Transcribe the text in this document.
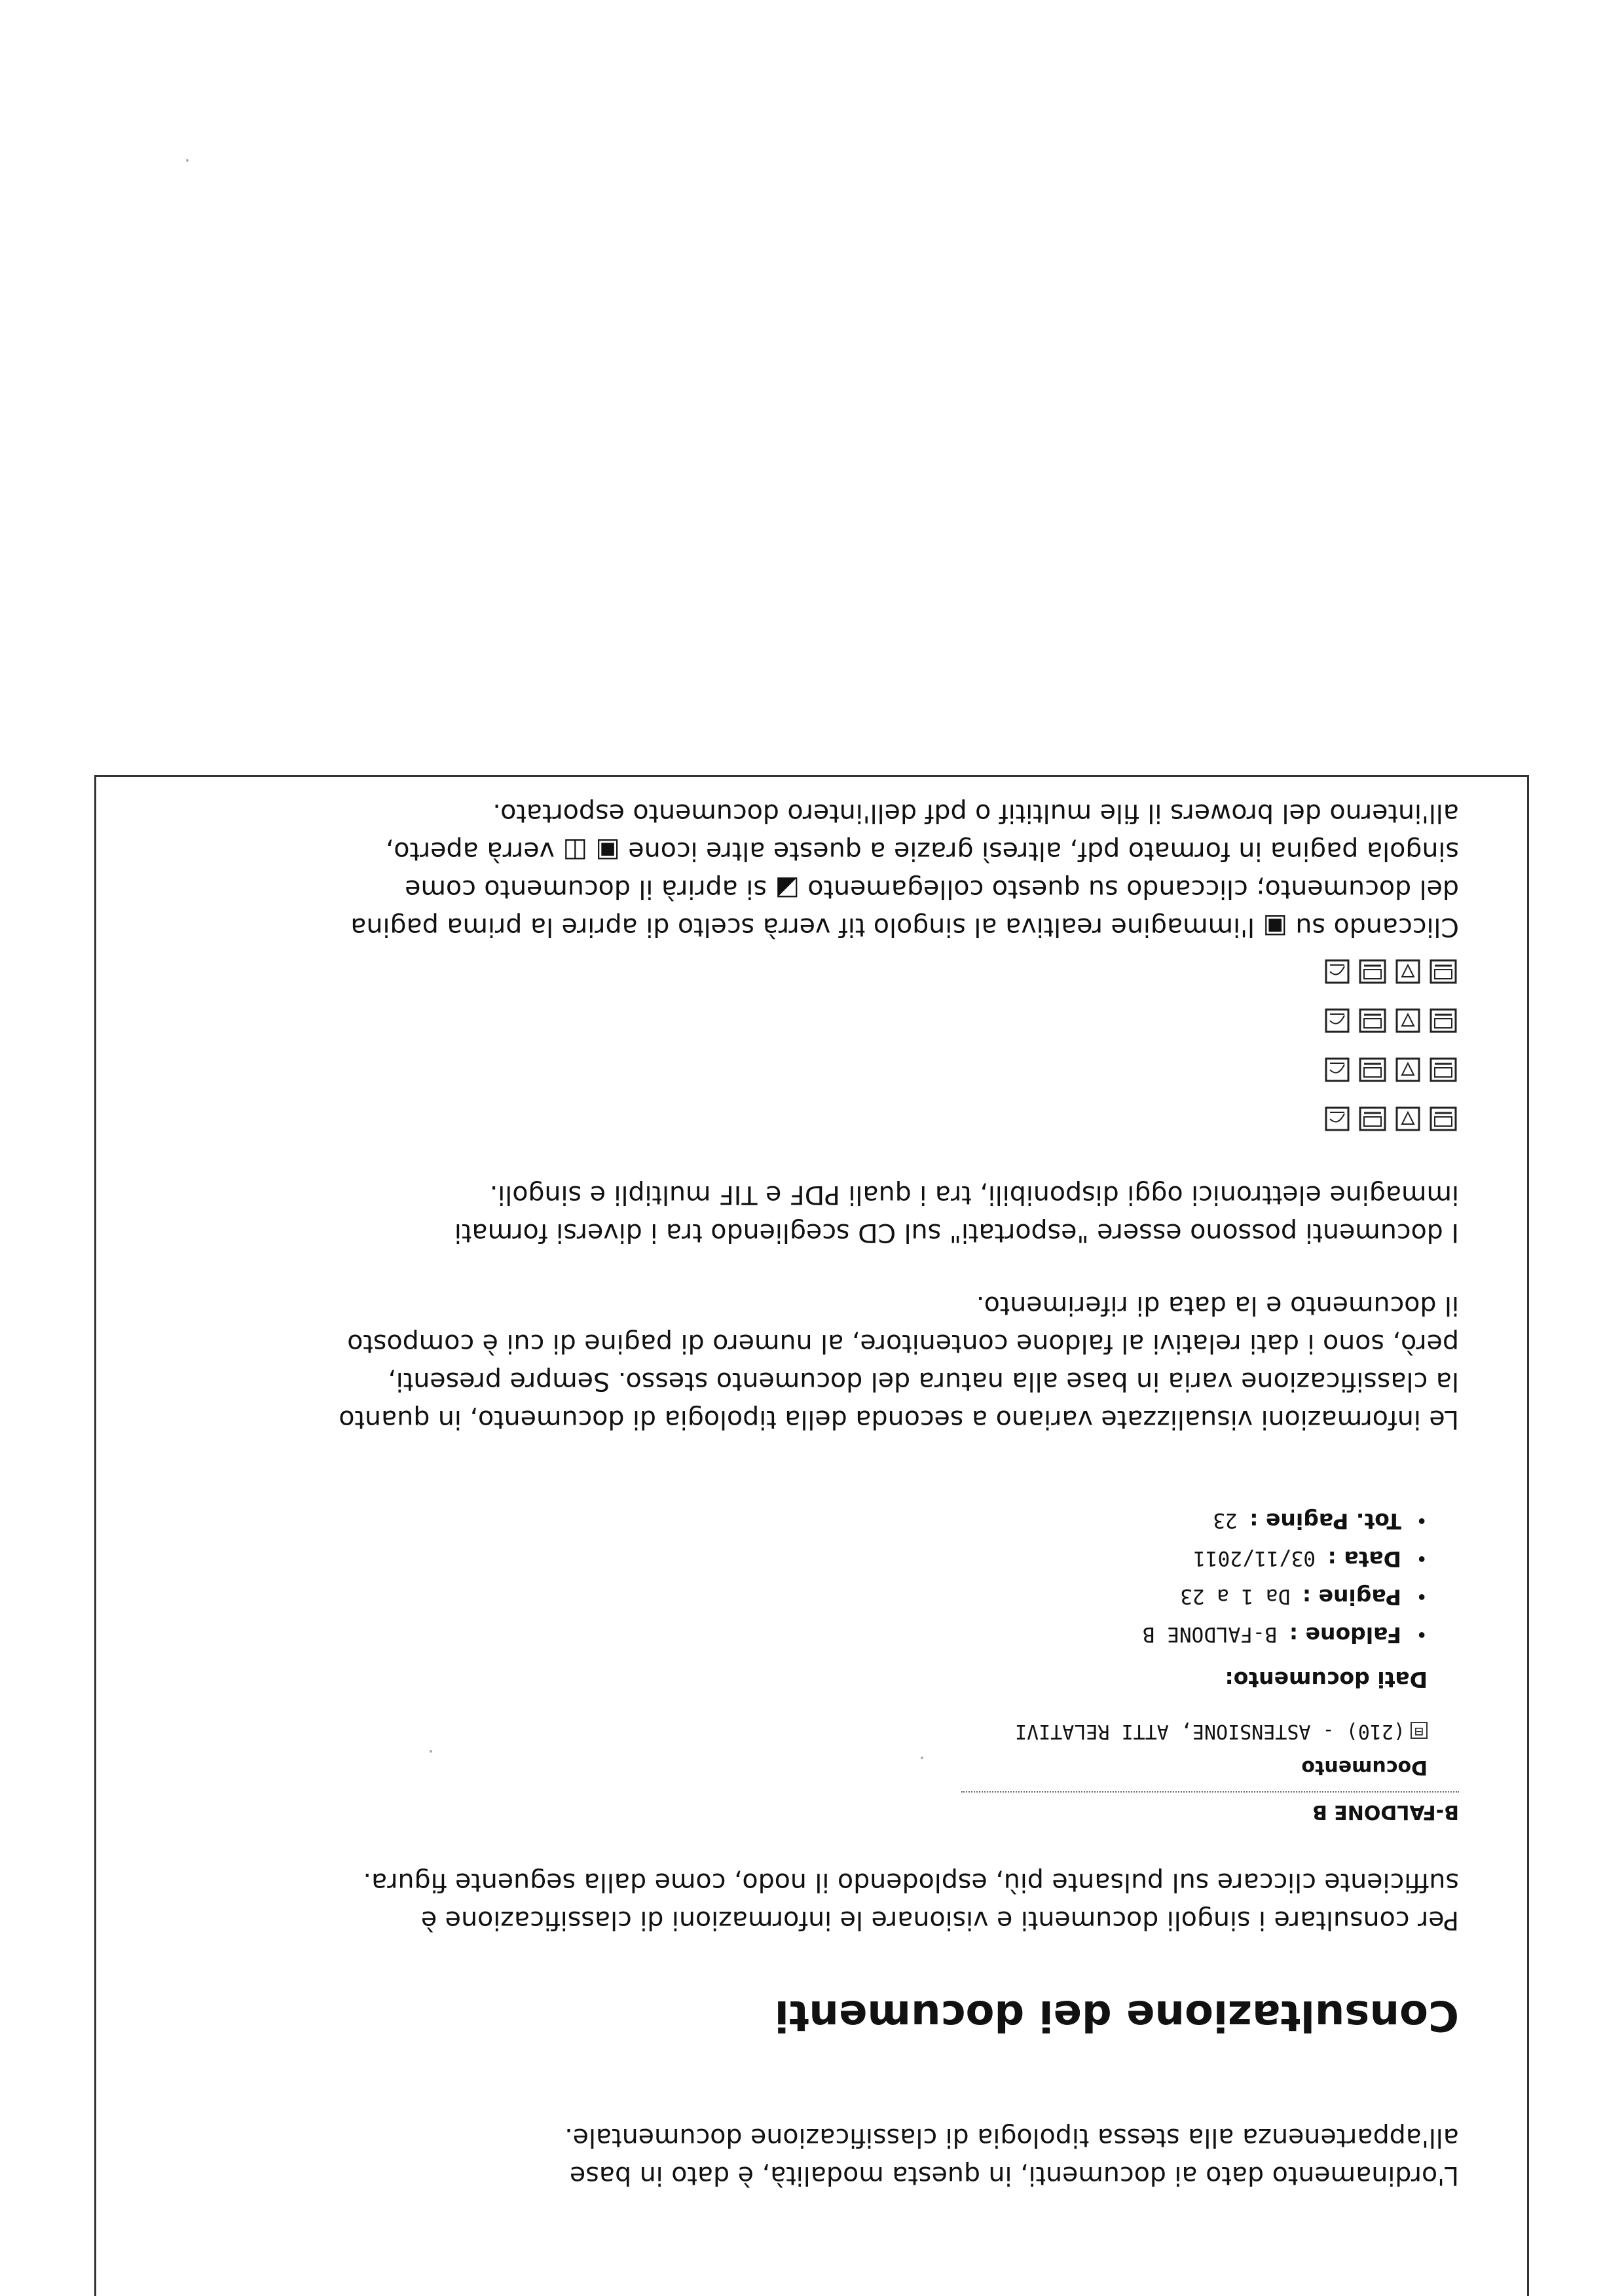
L'ordinamento dato ai documenti, in questa modalità, è dato in base
all'appartenenza alla stessa tipologia di classificazione documentale.

Consultazione dei documenti

Per consultare i singoli documenti e visionare le informazioni di classificazione è
sufficiente cliccare sul pulsante più, esplodendo il nodo, come dalla seguente figura.

B-FALDONE B
Documento
⊟(210) - ASTENSIONE, ATTI RELATIVI
Dati documento:
• Faldone : B-FALDONE B
• Pagine : Da 1 a 23
• Data : 03/11/2011
• Tot. Pagine : 23

Le informazioni visualizzate variano a seconda della tipologia di documento, in quanto
la classificazione varia in base alla natura del documento stesso. Sempre presenti,
però, sono i dati relativi al faldone contenitore, al numero di pagine di cui è composto
il documento e la data di riferimento.

I documenti possono essere "esportati" sul CD scegliendo tra i diversi formati
immagine elettronici oggi disponibili, tra i quali PDF e TIF multipli e singoli.

Cliccando su ▣ l'immagine realtiva al singolo tif verrà scelto di aprire la prima pagina
del documento; cliccando su questo collegamento ◪ si aprirà il documento come
singola pagina in formato pdf, altresì grazie a queste altre icone ▣ ◫ verrà aperto,
all'interno del browers il file multitif o pdf dell'intero documento esportato.
